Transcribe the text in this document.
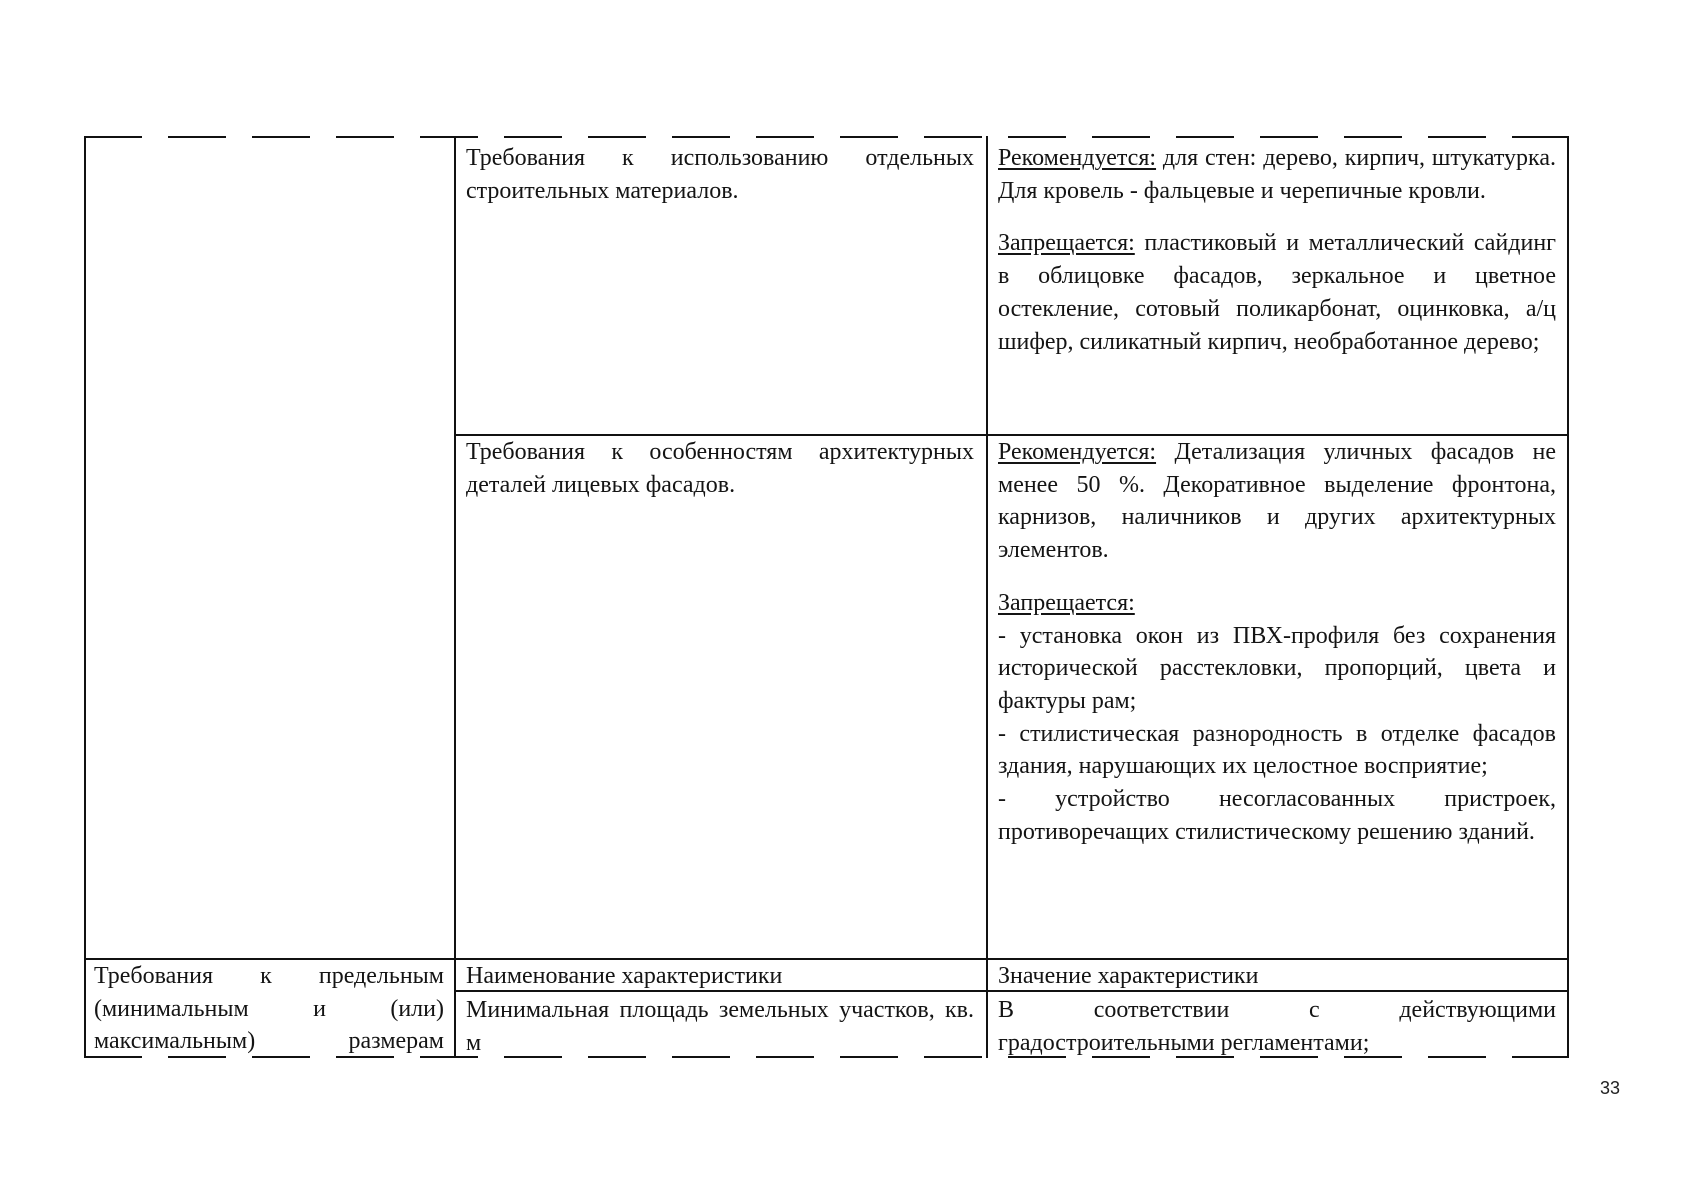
Требования к использованию отдельных строительных материалов.
Рекомендуется: для стен: дерево, кирпич, штукатурка. Для кровель - фальцевые и черепичные кровли.
Запрещается: пластиковый и металлический сайдинг в облицовке фасадов, зеркальное и цветное остекление, сотовый поликарбонат, оцинковка, а/ц шифер, силикатный кирпич, необработанное дерево;
Требования к особенностям архитектурных деталей лицевых фасадов.
Рекомендуется: Детализация уличных фасадов не менее 50 %. Декоративное выделение фронтона, карнизов, наличников и других архитектурных элементов.
Запрещается:
- установка окон из ПВХ-профиля без сохранения исторической расстекловки, пропорций, цвета и фактуры рам;
- стилистическая разнородность в отделке фасадов здания, нарушающих их целостное восприятие;
- устройство несогласованных пристроек, противоречащих стилистическому решению зданий.
Требования к предельным (минимальным и (или) максимальным) размерам
Наименование характеристики	Значение характеристики
Минимальная площадь земельных участков, кв. м
В соответствии с действующими градостроительными регламентами;
33
